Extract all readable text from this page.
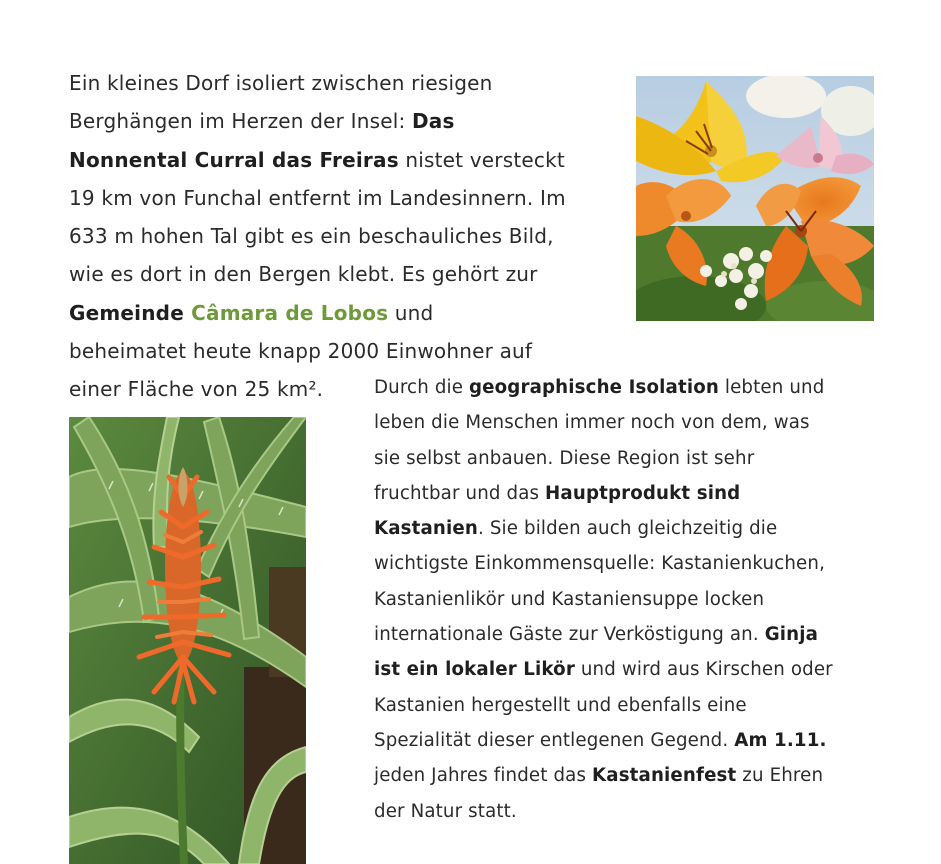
Ein kleines Dorf isoliert zwischen riesigen
Berghängen im Herzen der Insel: Das
Nonnental Curral das Freiras nistet versteckt
19 km von Funchal entfernt im Landesinnern. Im
633 m hohen Tal gibt es ein beschauliches Bild,
wie es dort in den Bergen klebt. Es gehört zur
Gemeinde Câmara de Lobos und
beheimatet heute knapp 2000 Einwohner auf
einer Fläche von 25 km².	Durch die geographische Isolation lebten und
leben die Menschen immer noch von dem, was
sie selbst anbauen. Diese Region ist sehr
fruchtbar und das Hauptprodukt sind
Kastanien. Sie bilden auch gleichzeitig die
wichtigste Einkommensquelle: Kastanienkuchen,
Kastanienlikör und Kastaniensuppe locken
internationale Gäste zur Verköstigung an. Ginja
ist ein lokaler Likör und wird aus Kirschen oder
Kastanien hergestellt und ebenfalls eine
Spezialität dieser entlegenen Gegend. Am 1.11.
jeden Jahres findet das Kastanienfest zu Ehren
der Natur statt.
